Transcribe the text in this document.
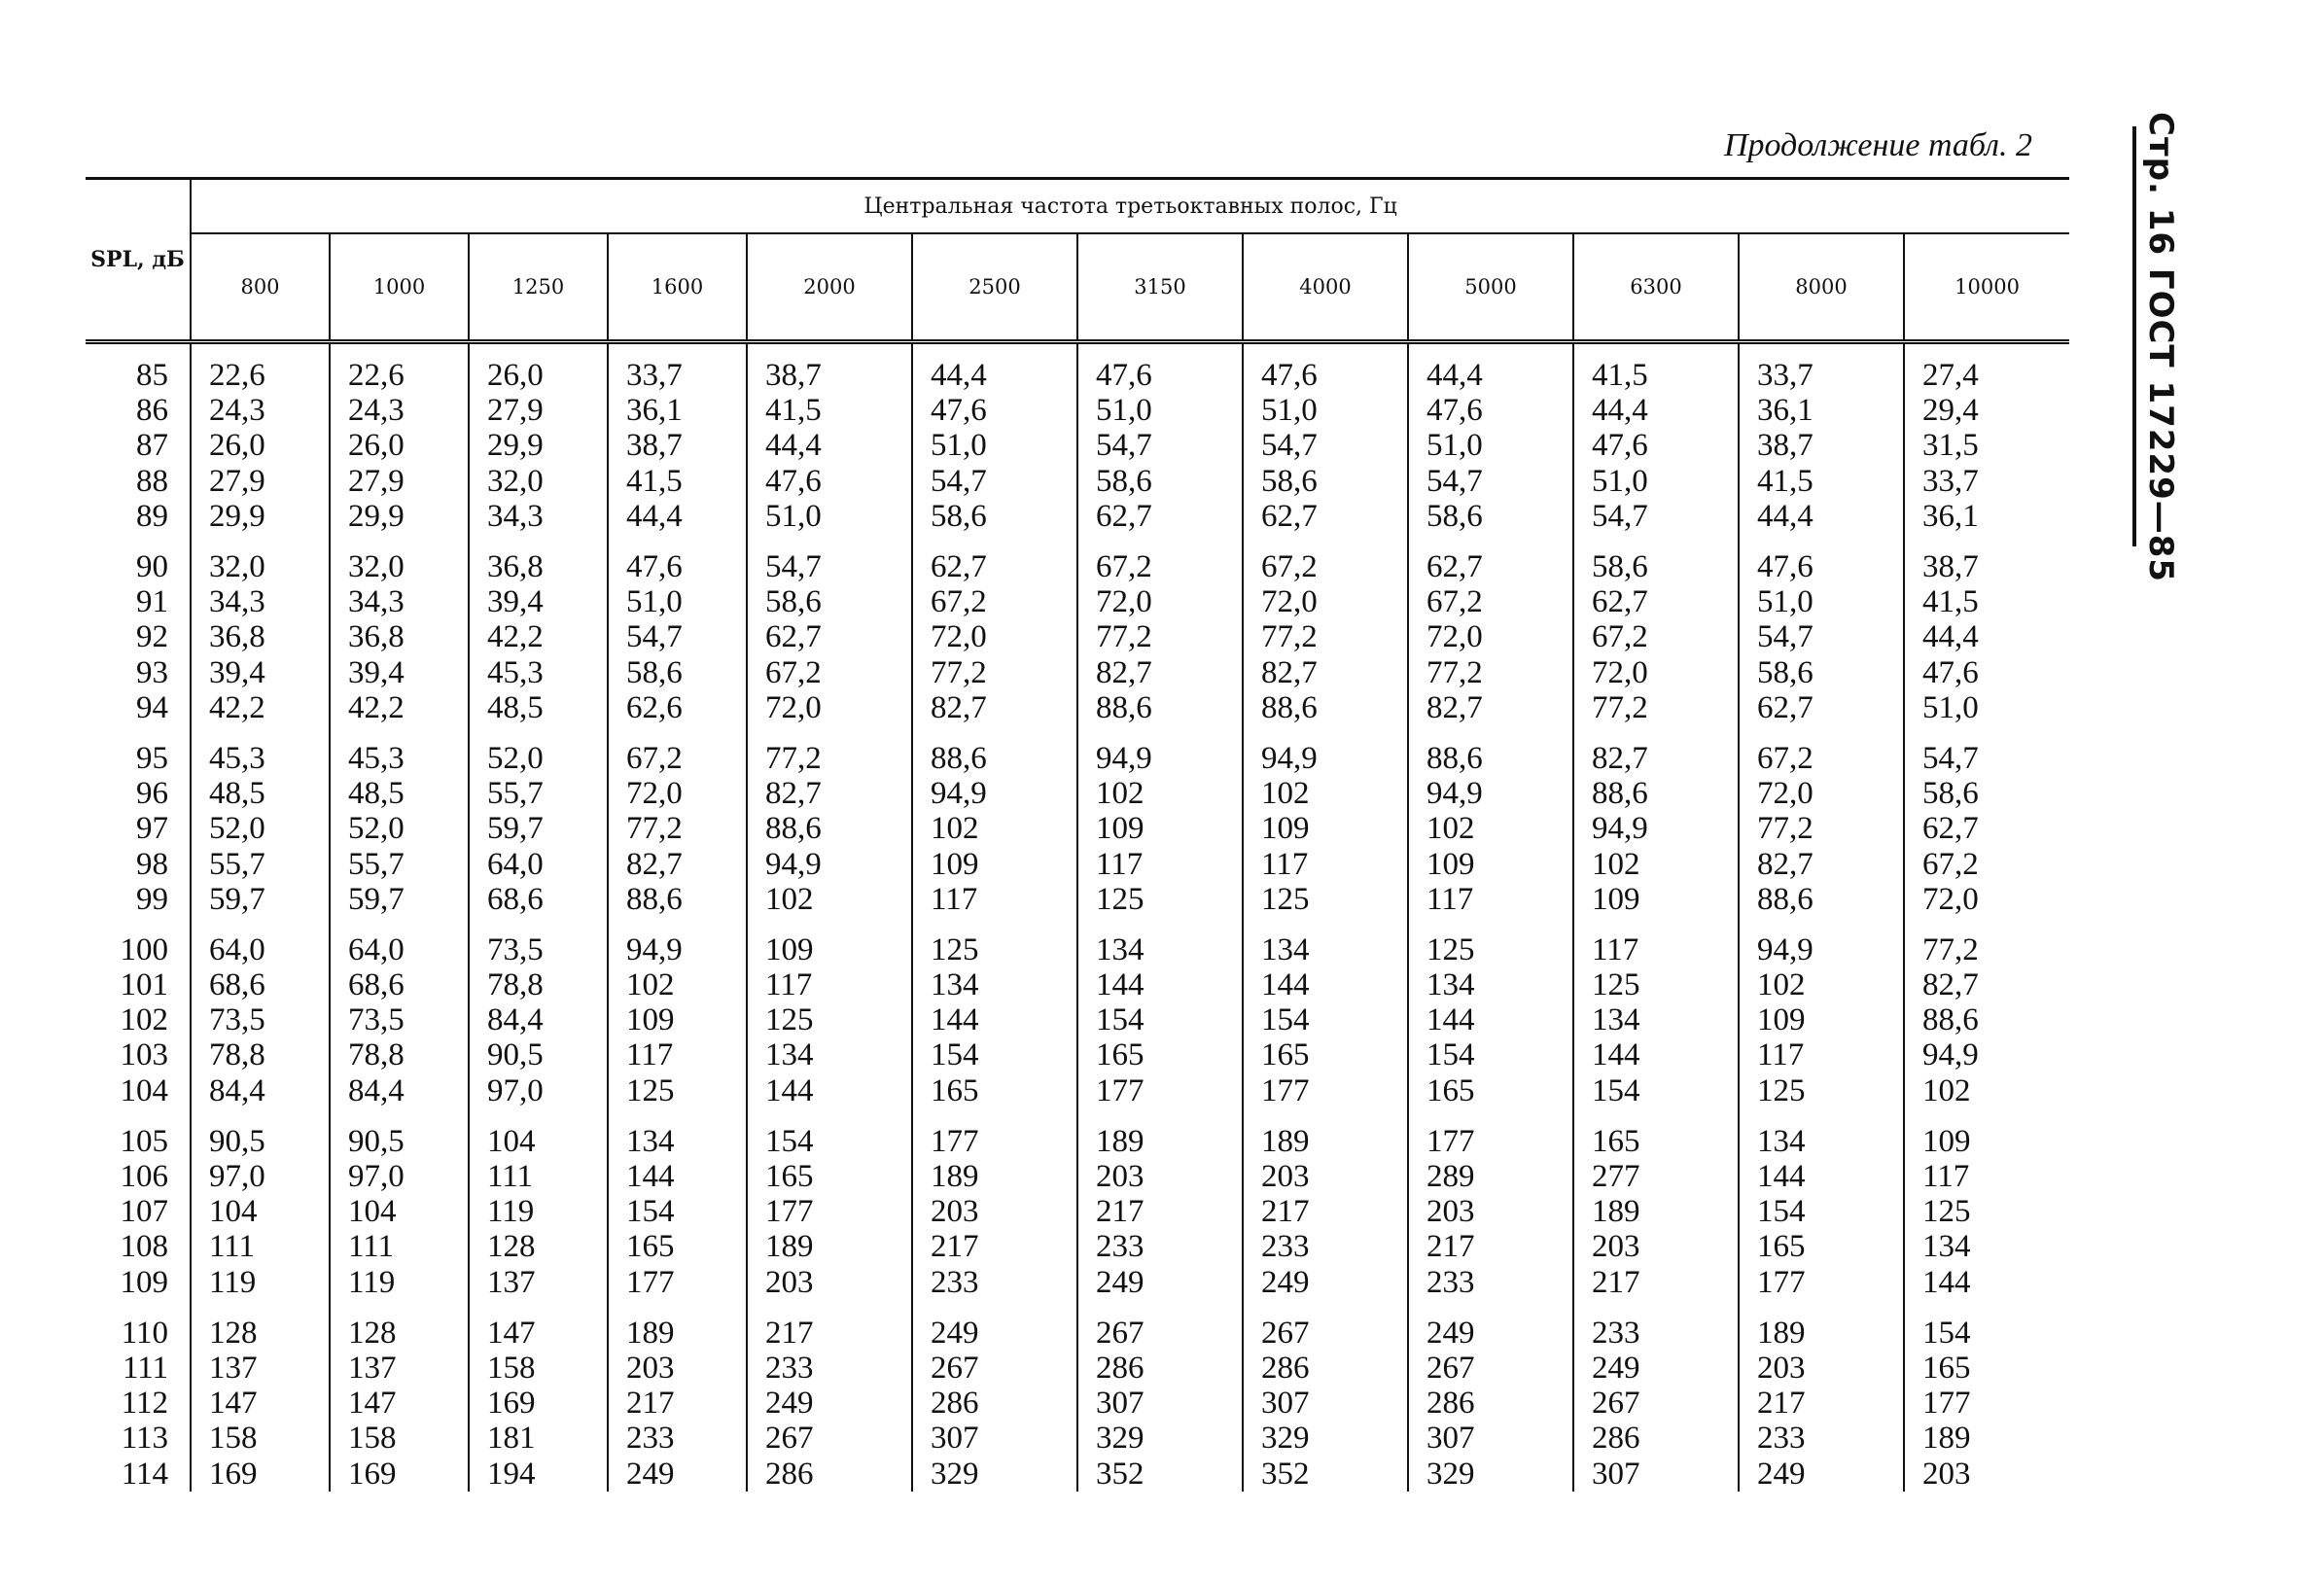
Продолжение табл. 2	Стр. 16 ГОСТ 17229—85
SPL, дБ	Центральная частота третьоктавных полос, Гц											
	800	1000	1250	1600	2000	2500	3150	4000	5000	6300	8000	10000
85	22,6	22,6	26,0	33,7	38,7	44,4	47,6	47,6	44,4	41,5	33,7	27,4
86	24,3	24,3	27,9	36,1	41,5	47,6	51,0	51,0	47,6	44,4	36,1	29,4
87	26,0	26,0	29,9	38,7	44,4	51,0	54,7	54,7	51,0	47,6	38,7	31,5
88	27,9	27,9	32,0	41,5	47,6	54,7	58,6	58,6	54,7	51,0	41,5	33,7
89	29,9	29,9	34,3	44,4	51,0	58,6	62,7	62,7	58,6	54,7	44,4	36,1
90	32,0	32,0	36,8	47,6	54,7	62,7	67,2	67,2	62,7	58,6	47,6	38,7
91	34,3	34,3	39,4	51,0	58,6	67,2	72,0	72,0	67,2	62,7	51,0	41,5
92	36,8	36,8	42,2	54,7	62,7	72,0	77,2	77,2	72,0	67,2	54,7	44,4
93	39,4	39,4	45,3	58,6	67,2	77,2	82,7	82,7	77,2	72,0	58,6	47,6
94	42,2	42,2	48,5	62,6	72,0	82,7	88,6	88,6	82,7	77,2	62,7	51,0
95	45,3	45,3	52,0	67,2	77,2	88,6	94,9	94,9	88,6	82,7	67,2	54,7
96	48,5	48,5	55,7	72,0	82,7	94,9	102	102	94,9	88,6	72,0	58,6
97	52,0	52,0	59,7	77,2	88,6	102	109	109	102	94,9	77,2	62,7
98	55,7	55,7	64,0	82,7	94,9	109	117	117	109	102	82,7	67,2
99	59,7	59,7	68,6	88,6	102	117	125	125	117	109	88,6	72,0
100	64,0	64,0	73,5	94,9	109	125	134	134	125	117	94,9	77,2
101	68,6	68,6	78,8	102	117	134	144	144	134	125	102	82,7
102	73,5	73,5	84,4	109	125	144	154	154	144	134	109	88,6
103	78,8	78,8	90,5	117	134	154	165	165	154	144	117	94,9
104	84,4	84,4	97,0	125	144	165	177	177	165	154	125	102
105	90,5	90,5	104	134	154	177	189	189	177	165	134	109
106	97,0	97,0	111	144	165	189	203	203	289	277	144	117
107	104	104	119	154	177	203	217	217	203	189	154	125
108	111	111	128	165	189	217	233	233	217	203	165	134
109	119	119	137	177	203	233	249	249	233	217	177	144
110	128	128	147	189	217	249	267	267	249	233	189	154
111	137	137	158	203	233	267	286	286	267	249	203	165
112	147	147	169	217	249	286	307	307	286	267	217	177
113	158	158	181	233	267	307	329	329	307	286	233	189
114	169	169	194	249	286	329	352	352	329	307	249	203
